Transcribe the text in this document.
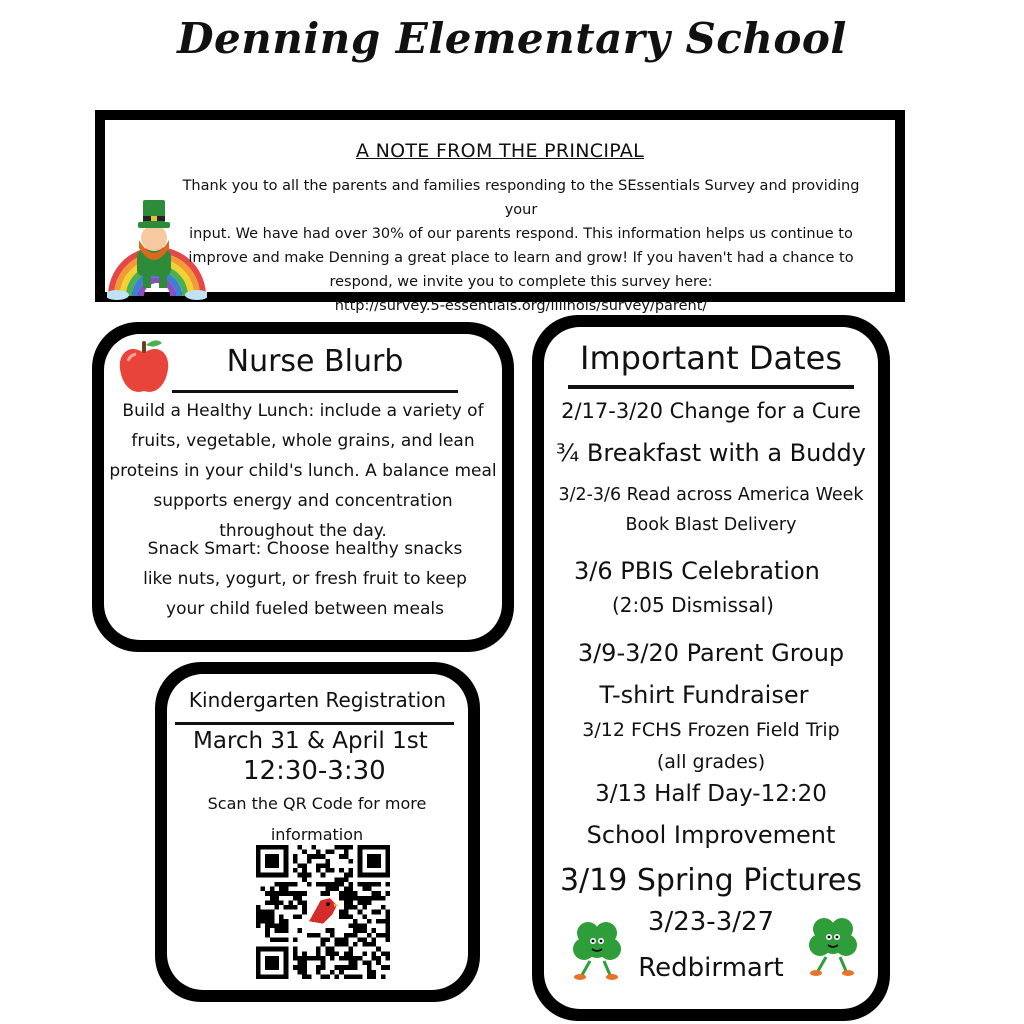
Denning Elementary School
A NOTE FROM THE PRINCIPAL
Thank you to all the parents and families responding to the SEssentials Survey and providing your
input. We have had over 30% of our parents respond. This information helps us continue to
improve and make Denning a great place to learn and grow! If you haven't had a chance to
respond, we invite you to complete this survey here:
http://survey.5-essentials.org/illinois/survey/parent/
Nurse Blurb
Build a Healthy Lunch: include a variety of fruits, vegetable, whole grains, and lean proteins in your child's lunch. A balance meal supports energy and concentration throughout the day.
Snack Smart: Choose healthy snacks like nuts, yogurt, or fresh fruit to keep your child fueled between meals
Kindergarten Registration
March 31 & April 1st
12:30-3:30
Scan the QR Code for more information
Important Dates
2/17-3/20 Change for a Cure
¾ Breakfast with a Buddy
3/2-3/6 Read across America Week
Book Blast Delivery
3/6 PBIS Celebration
(2:05 Dismissal)
3/9-3/20 Parent Group
T-shirt Fundraiser
3/12 FCHS Frozen Field Trip
(all grades)
3/13 Half Day-12:20
School Improvement
3/19 Spring Pictures
3/23-3/27
Redbirmart
